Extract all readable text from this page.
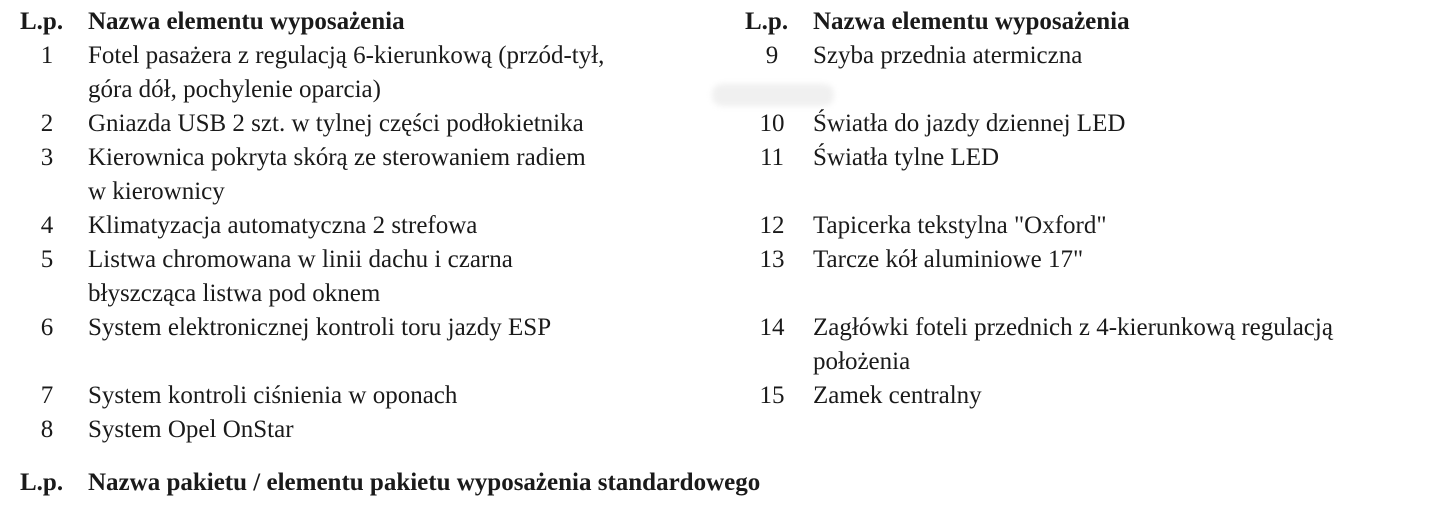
L.p. Nazwa elementu wyposażenia
1	Fotel pasażera z regulacją 6-kierunkową (przód-tył,
góra dół, pochylenie oparcia)
2	Gniazda USB 2 szt. w tylnej części podłokietnika
3	Kierownica pokryta skórą ze sterowaniem radiem
w kierownicy
4	Klimatyzacja automatyczna 2 strefowa
5	Listwa chromowana w linii dachu i czarna
błyszcząca listwa pod oknem
6	System elektronicznej kontroli toru jazdy ESP
7	System kontroli ciśnienia w oponach
8	System Opel OnStar
L.p. Nazwa elementu wyposażenia
9	Szyba przednia atermiczna
10	Światła do jazdy dziennej LED
11	Światła tylne LED
12	Tapicerka tekstylna "Oxford"
13	Tarcze kół aluminiowe 17"
14	Zagłówki foteli przednich z 4-kierunkową regulacją
położenia
15	Zamek centralny
L.p. Nazwa pakietu / elementu pakietu wyposażenia standardowego
